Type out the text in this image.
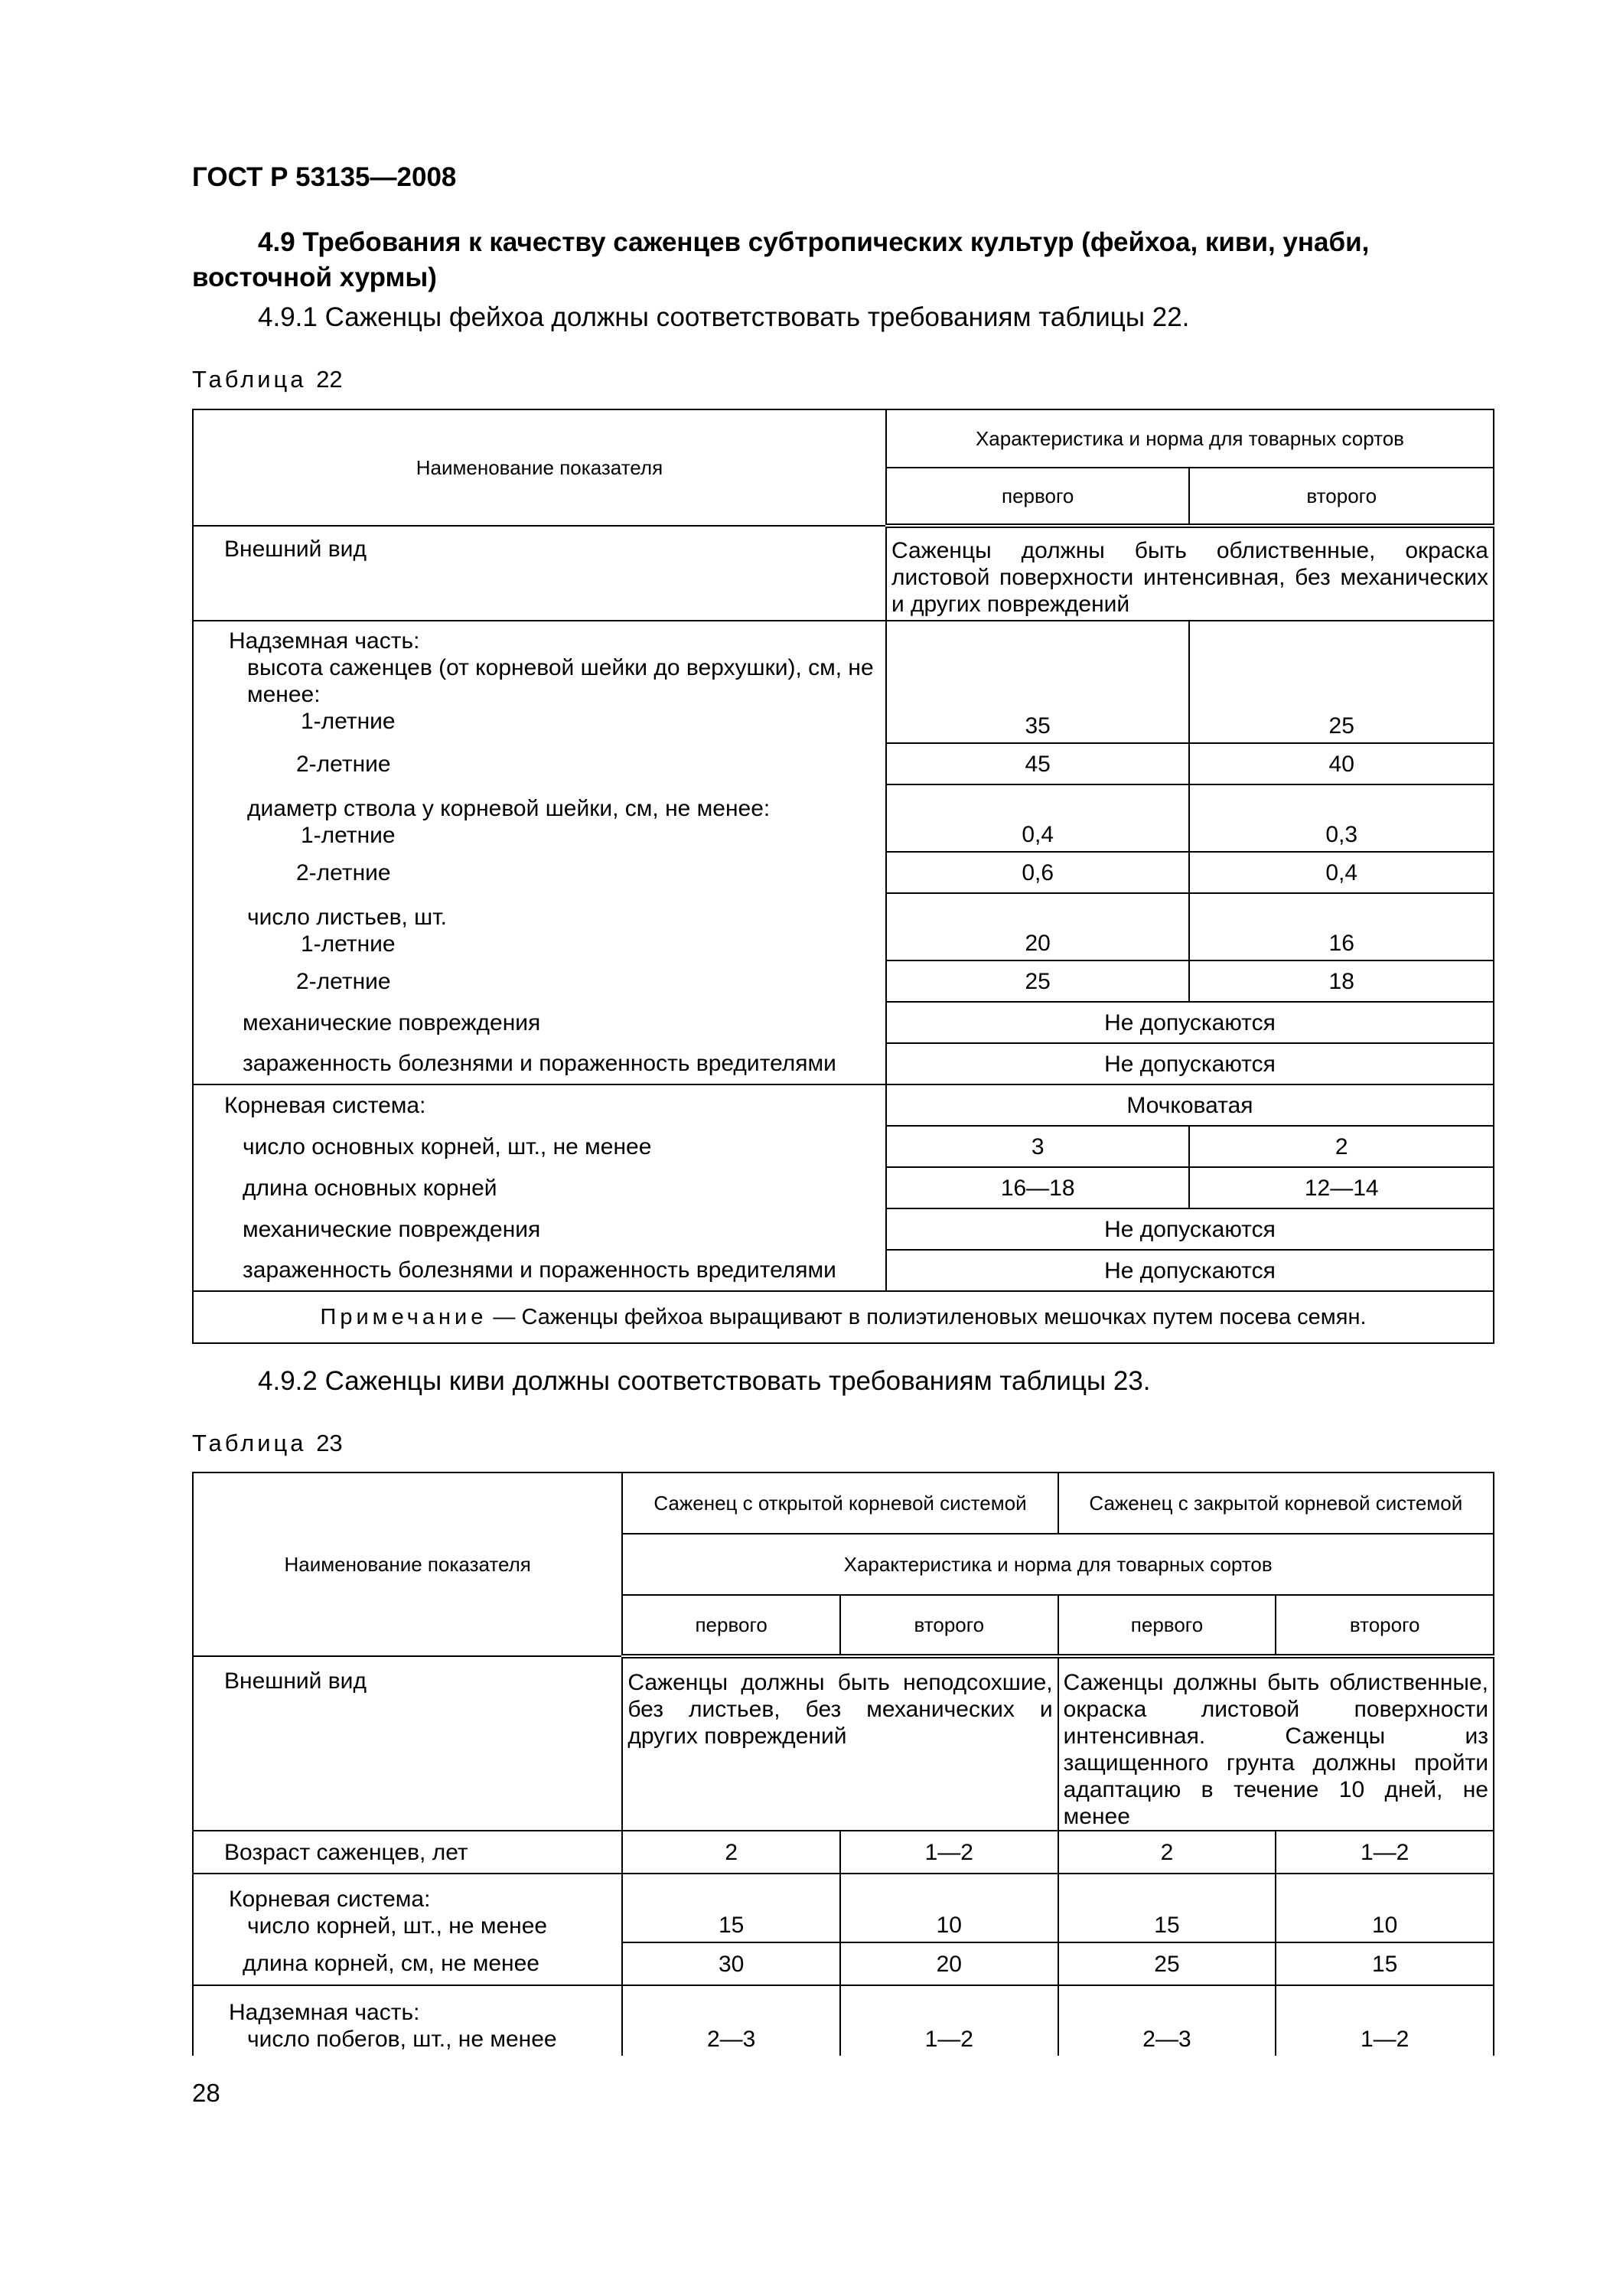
ГОСТ Р 53135—2008
4.9 Требования к качеству саженцев субтропических культур (фейхоа, киви, унаби, восточной хурмы)
4.9.1 Саженцы фейхоа должны соответствовать требованиям таблицы 22.
Таблица 22
Наименование показателя	Характеристика и норма для товарных сортов	
	первого	второго
Внешний вид	Саженцы должны быть облиственные, окраска листовой поверхности интенсивная, без механических и других повреждений	

Надземная часть:
высота саженцев (от корневой шейки до верхушки), см, не менее:
1-летние	35	25
2-летние	45	40

диаметр ствола у корневой шейки, см, не менее:
1-летние	0,4	0,3
2-летние	0,6	0,4

число листьев, шт.
1-летние	20	16
2-летние	25	18
механические повреждения	Не допускаются	
зараженность болезнями и пораженность вредителями	Не допускаются	
Корневая система:	Мочковатая	
число основных корней, шт., не менее	3	2
длина основных корней	16—18	12—14
механические повреждения	Не допускаются	
зараженность болезнями и пораженность вредителями	Не допускаются	
Примечание — Саженцы фейхоа выращивают в полиэтиленовых мешочках путем посева семян.		
4.9.2 Саженцы киви должны соответствовать требованиям таблицы 23.
Таблица 23
Наименование показателя	Саженец с открытой корневой системой		Саженец с закрытой корневой системой	
	Характеристика и норма для товарных сортов			
	первого	второго	первого	второго
Внешний вид	Саженцы должны быть неподсохшие, без листьев, без механических и других повреждений		Саженцы должны быть облиственные, окраска листовой поверхности интенсивная. Саженцы из защищенного грунта должны пройти адаптацию в течение 10 дней, не менее	
Возраст саженцев, лет	2	1—2	2	1—2

Корневая система:
число корней, шт., не менее	15	10	15	10
длина корней, см, не менее	30	20	25	15

Надземная часть:
число побегов, шт., не менее	2—3	1—2	2—3	1—2
28
